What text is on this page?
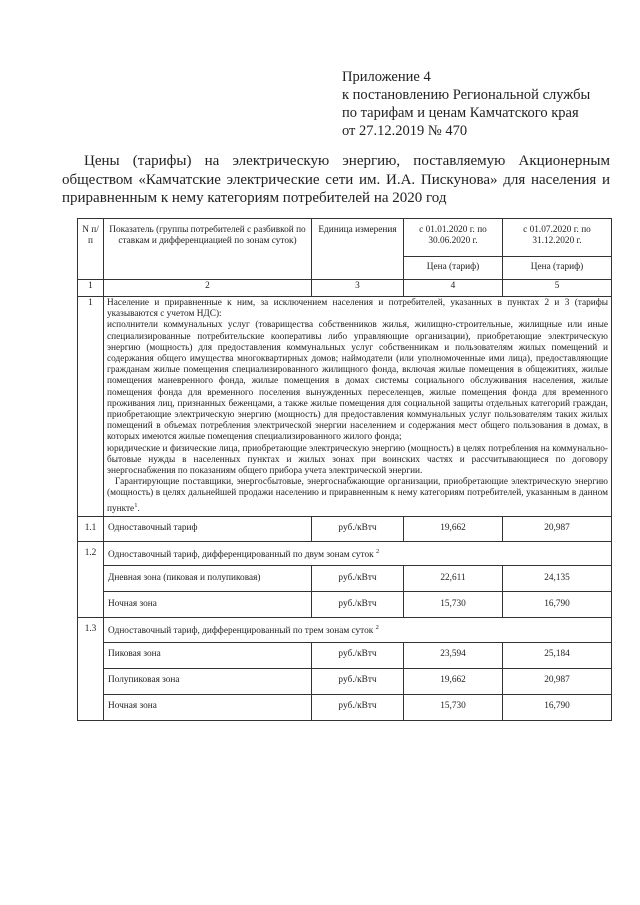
Приложение 4
к постановлению Региональной службы
по тарифам и ценам Камчатского края
от 27.12.2019 № 470
Цены (тарифы) на электрическую энергию, поставляемую Акционерным обществом «Камчатские электрические сети им. И.А. Пискунова» для населения и приравненным к нему категориям потребителей на 2020 год
N п/п	Показатель (группы потребителей с разбивкой по ставкам и дифференциацией по зонам суток)	Единица измерения	с 01.01.2020 г. по 30.06.2020 г.	с 01.07.2020 г. по 31.12.2020 г.
			Цена (тариф)	Цена (тариф)
1	2	3	4	5
1	Население и приравненные к ним, за исключением населения и потребителей, указанных в пунктах 2 и 3 (тарифы указываются с учетом НДС):

исполнители коммунальных услуг (товарищества собственников жилья, жилищно-строительные, жилищные или иные специализированные потребительские кооперативы либо управляющие организации), приобретающие электрическую энергию (мощность) для предоставления коммунальных услуг собственникам и пользователям жилых помещений и содержания общего имущества многоквартирных домов; наймодатели (или уполномоченные ими лица), предоставляющие гражданам жилые помещения специализированного жилищного фонда, включая жилые помещения в общежитиях, жилые помещения маневренного фонда, жилые помещения в домах системы социального обслуживания населения, жилые помещения фонда для временного поселения вынужденных переселенцев, жилые помещения фонда для временного проживания лиц, признанных беженцами, а также жилые помещения для социальной защиты отдельных категорий граждан, приобретающие электрическую энергию (мощность) для предоставления коммунальных услуг пользователям таких жилых помещений в объемах потребления электрической энергии населением и содержания мест общего пользования в домах, в которых имеются жилые помещения специализированного жилого фонда;

юридические и физические лица, приобретающие электрическую энергию (мощность) в целях потребления на коммунально-бытовые нужды в населенных пунктах и жилых зонах при воинских частях и рассчитывающиеся по договору энергоснабжения по показаниям общего прибора учета электрической энергии.

Гарантирующие поставщики, энергосбытовые, энергоснабжающие организации, приобретающие электрическую энергию (мощность) в целях дальнейшей продажи населению и приравненным к нему категориям потребителей, указанным в данном пункте$^1$.			

1.1	Одноставочный тариф	руб./кВтч	19,662	20,987
1.2	Одноставочный тариф, дифференцированный по двум зонам суток $^2$
	Дневная зона (пиковая и полупиковая)	руб./кВтч	22,611	24,135
	Ночная зона	руб./кВтч	15,730	16,790
1.3	Одноставочный тариф, дифференцированный по трем зонам суток $^2$
	Пиковая зона	руб./кВтч	23,594	25,184
	Полупиковая зона	руб./кВтч	19,662	20,987
	Ночная зона	руб./кВтч	15,730	16,790
